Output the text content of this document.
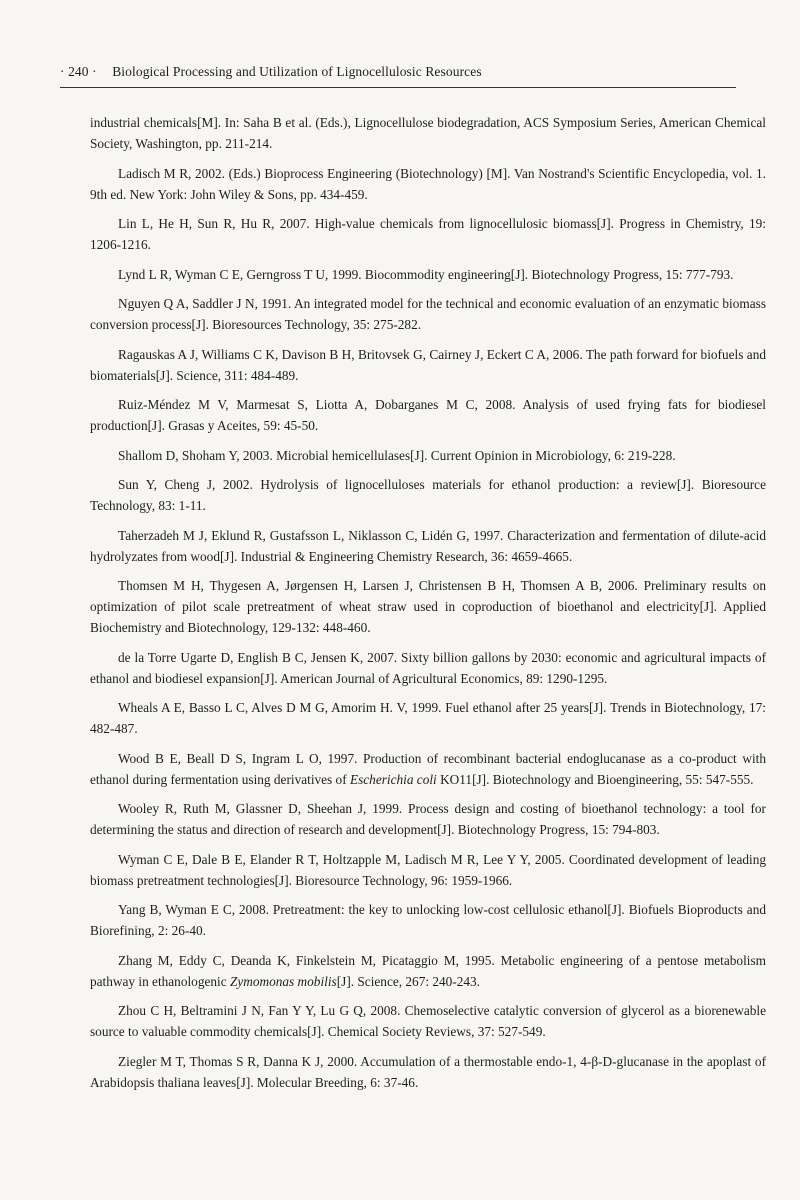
· 240 · Biological Processing and Utilization of Lignocellulosic Resources

industrial chemicals[M]. In: Saha B et al. (Eds.), Lignocellulose biodegradation, ACS Symposium Series, American Chemical Society, Washington, pp. 211-214.

Ladisch M R, 2002. (Eds.) Bioprocess Engineering (Biotechnology) [M]. Van Nostrand's Scientific Encyclopedia, vol. 1. 9th ed. New York: John Wiley & Sons, pp. 434-459.

Lin L, He H, Sun R, Hu R, 2007. High-value chemicals from lignocellulosic biomass[J]. Progress in Chemistry, 19: 1206-1216.

Lynd L R, Wyman C E, Gerngross T U, 1999. Biocommodity engineering[J]. Biotechnology Progress, 15: 777-793.

Nguyen Q A, Saddler J N, 1991. An integrated model for the technical and economic evaluation of an enzymatic biomass conversion process[J]. Bioresources Technology, 35: 275-282.

Ragauskas A J, Williams C K, Davison B H, Britovsek G, Cairney J, Eckert C A, 2006. The path forward for biofuels and biomaterials[J]. Science, 311: 484-489.

Ruiz-Méndez M V, Marmesat S, Liotta A, Dobarganes M C, 2008. Analysis of used frying fats for biodiesel production[J]. Grasas y Aceites, 59: 45-50.

Shallom D, Shoham Y, 2003. Microbial hemicellulases[J]. Current Opinion in Microbiology, 6: 219-228.

Sun Y, Cheng J, 2002. Hydrolysis of lignocelluloses materials for ethanol production: a review[J]. Bioresource Technology, 83: 1-11.

Taherzadeh M J, Eklund R, Gustafsson L, Niklasson C, Lidén G, 1997. Characterization and fermentation of dilute-acid hydrolyzates from wood[J]. Industrial & Engineering Chemistry Research, 36: 4659-4665.

Thomsen M H, Thygesen A, Jørgensen H, Larsen J, Christensen B H, Thomsen A B, 2006. Preliminary results on optimization of pilot scale pretreatment of wheat straw used in coproduction of bioethanol and electricity[J]. Applied Biochemistry and Biotechnology, 129-132: 448-460.

de la Torre Ugarte D, English B C, Jensen K, 2007. Sixty billion gallons by 2030: economic and agricultural impacts of ethanol and biodiesel expansion[J]. American Journal of Agricultural Economics, 89: 1290-1295.

Wheals A E, Basso L C, Alves D M G, Amorim H. V, 1999. Fuel ethanol after 25 years[J]. Trends in Biotechnology, 17: 482-487.

Wood B E, Beall D S, Ingram L O, 1997. Production of recombinant bacterial endoglucanase as a co-product with ethanol during fermentation using derivatives of Escherichia coli KO11[J]. Biotechnology and Bioengineering, 55: 547-555.

Wooley R, Ruth M, Glassner D, Sheehan J, 1999. Process design and costing of bioethanol technology: a tool for determining the status and direction of research and development[J]. Biotechnology Progress, 15: 794-803.

Wyman C E, Dale B E, Elander R T, Holtzapple M, Ladisch M R, Lee Y Y, 2005. Coordinated development of leading biomass pretreatment technologies[J]. Bioresource Technology, 96: 1959-1966.

Yang B, Wyman E C, 2008. Pretreatment: the key to unlocking low-cost cellulosic ethanol[J]. Biofuels Bioproducts and Biorefining, 2: 26-40.

Zhang M, Eddy C, Deanda K, Finkelstein M, Picataggio M, 1995. Metabolic engineering of a pentose metabolism pathway in ethanologenic Zymomonas mobilis[J]. Science, 267: 240-243.

Zhou C H, Beltramini J N, Fan Y Y, Lu G Q, 2008. Chemoselective catalytic conversion of glycerol as a biorenewable source to valuable commodity chemicals[J]. Chemical Society Reviews, 37: 527-549.

Ziegler M T, Thomas S R, Danna K J, 2000. Accumulation of a thermostable endo-1, 4-β-D-glucanase in the apoplast of Arabidopsis thaliana leaves[J]. Molecular Breeding, 6: 37-46.
